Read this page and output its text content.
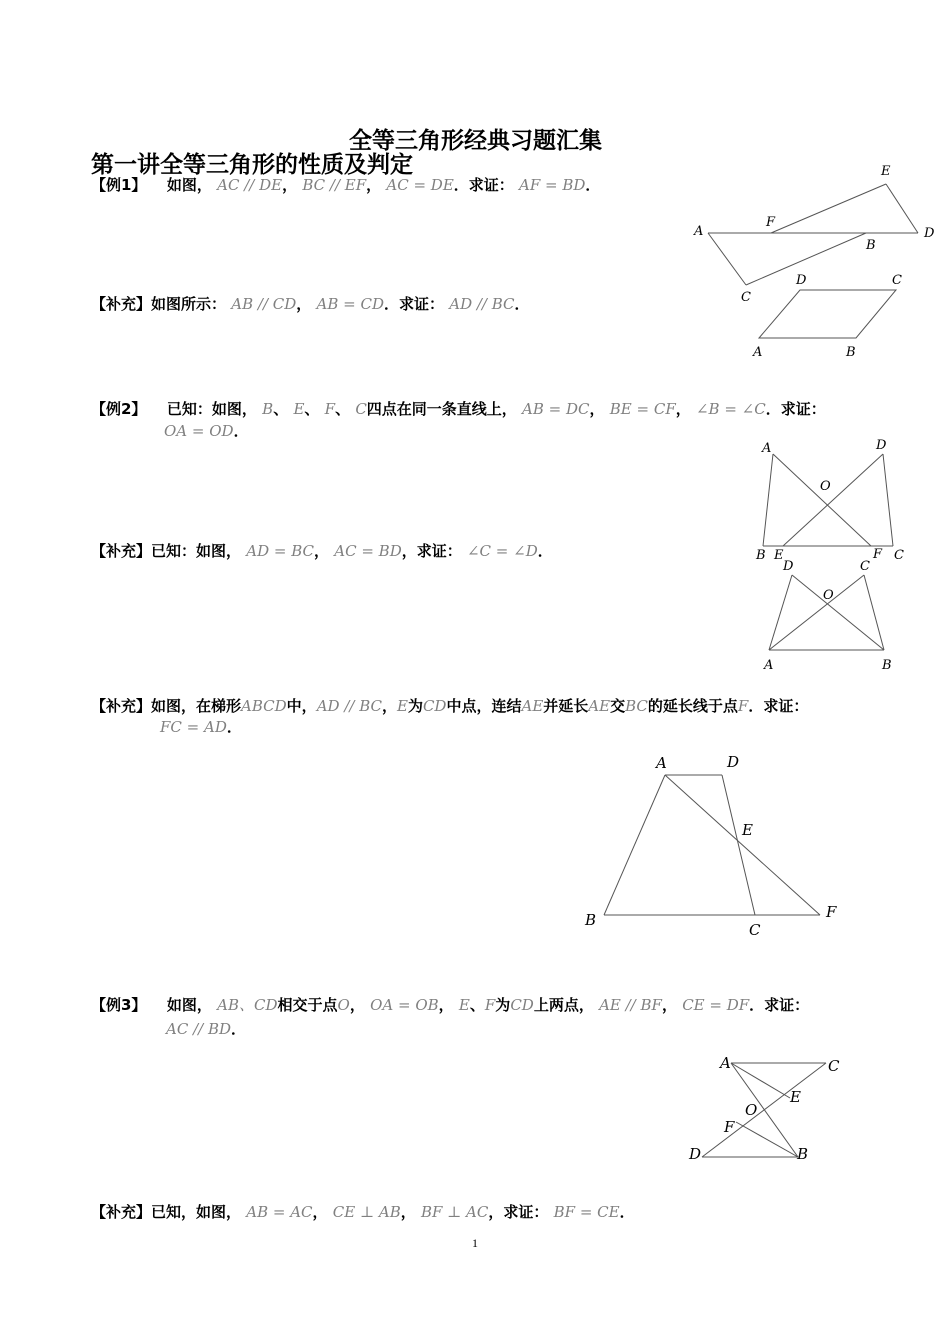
全等三角形经典习题汇集
第一讲全等三角形的性质及判定
【例1】 如图， AC // DE， BC // EF， AC = DE．求证： AF = BD．
【补充】如图所示： AB // CD， AB = CD．求证： AD // BC．
【例2】 已知：如图， B、 E、 F、 C四点在同一条直线上， AB = DC， BE = CF， ∠B = ∠C．求证：
OA = OD．
【补充】已知：如图， AD = BC， AC = BD，求证： ∠C = ∠D．
【补充】如图，在梯形ABCD中，AD // BC，E为CD中点，连结AE并延长AE交BC的延长线于点F．求证：
FC = AD．
【例3】 如图， AB、CD相交于点O， OA = OB， E、F为CD上两点， AE // BF， CE = DF．求证：
AC // BD．
【补充】已知，如图， AB = AC， CE ⊥ AB， BF ⊥ AC，求证： BF = CE．
E
A
F
B
D
C
D	C
A	B
A	D
O
B E	F C
D	C
O
A	B
A	D
E
B
C
F
A	C
E
O
F
D	B
1
